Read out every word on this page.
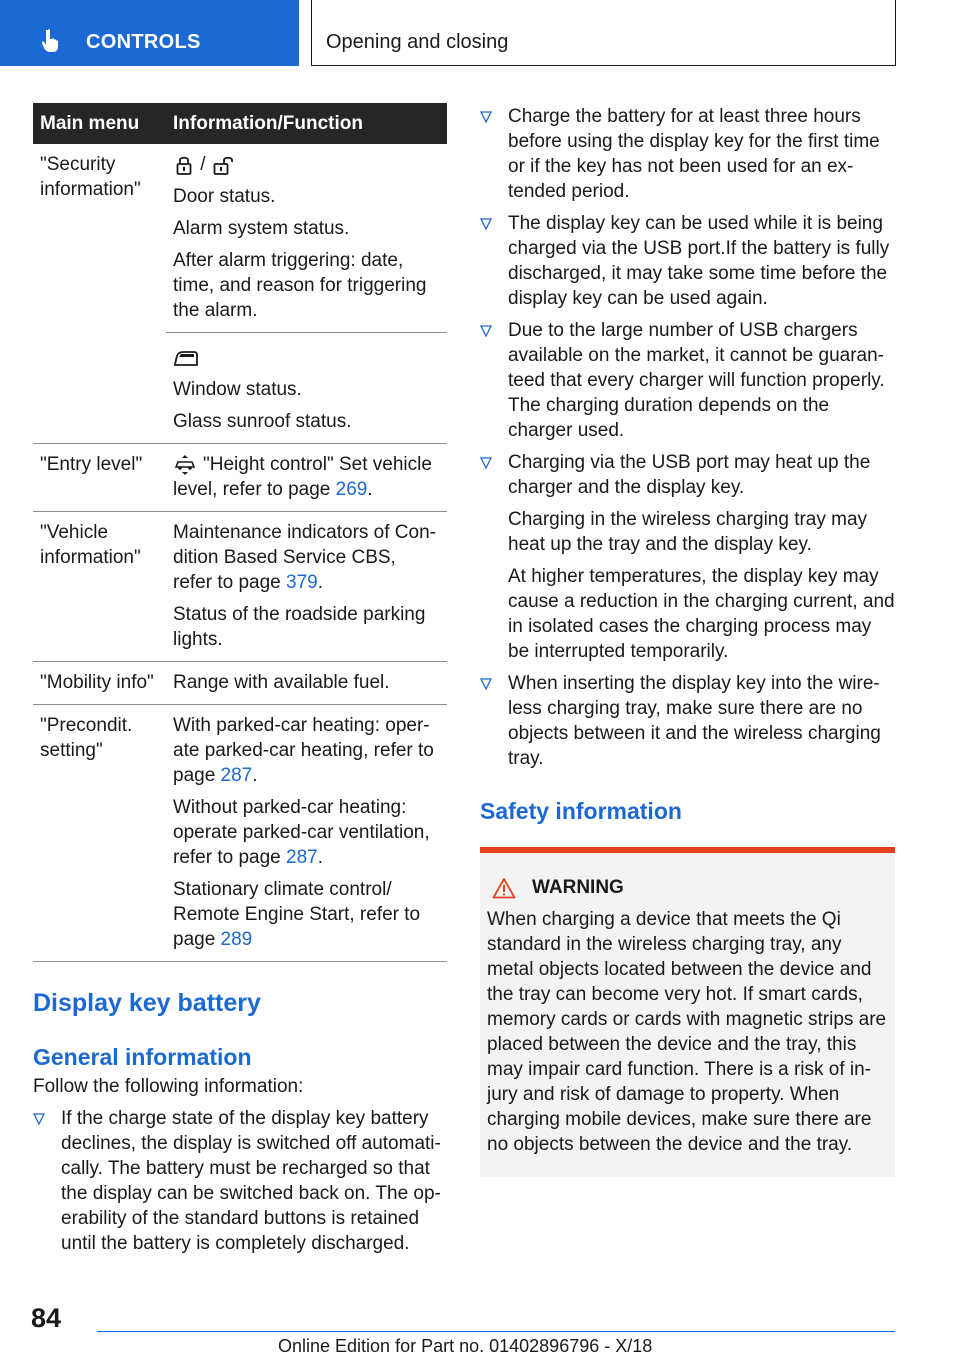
CONTROLS	Opening and closing
Main menu	Information/Function
"Security information"	/
Door status.
Alarm system status.
After alarm triggering: date, time, and reason for triggering the alarm.

	Window status.
Glass sunroof status.

"Entry level"	"Height control" Set vehicle level, refer to page 269.
"Vehicle information"	Maintenance indicators of Con-dition Based Service CBS, refer to page 379.
Status of the roadside parking lights.

"Mobility info"	Range with available fuel.
"Precondit. setting"	With parked-car heating: oper-ate parked-car heating, refer to page 287.
Without parked-car heating: operate parked-car ventilation, refer to page 287.
Stationary climate control/ Remote Engine Start, refer to page 289
Display key battery
General information
Follow the following information:
If the charge state of the display key battery declines, the display is switched off automati-cally. The battery must be recharged so that the display can be switched back on. The op-erability of the standard buttons is retained until the battery is completely discharged.
Charge the battery for at least three hours before using the display key for the first time or if the key has not been used for an ex-tended period.
The display key can be used while it is being charged via the USB port.If the battery is fully discharged, it may take some time before the display key can be used again.
Due to the large number of USB chargers available on the market, it cannot be guaran-teed that every charger will function properly. The charging duration depends on the charger used.
Charging via the USB port may heat up the charger and the display key.
Charging in the wireless charging tray may heat up the tray and the display key.
At higher temperatures, the display key may cause a reduction in the charging current, and in isolated cases the charging process may be interrupted temporarily.
When inserting the display key into the wire-less charging tray, make sure there are no objects between it and the wireless charging tray.
Safety information
WARNING
When charging a device that meets the Qi standard in the wireless charging tray, any metal objects located between the device and the tray can become very hot. If smart cards, memory cards or cards with magnetic strips are placed between the device and the tray, this may impair card function. There is a risk of in-jury and risk of damage to property. When charging mobile devices, make sure there are no objects between the device and the tray.
84
Online Edition for Part no. 01402896796 - X/18
